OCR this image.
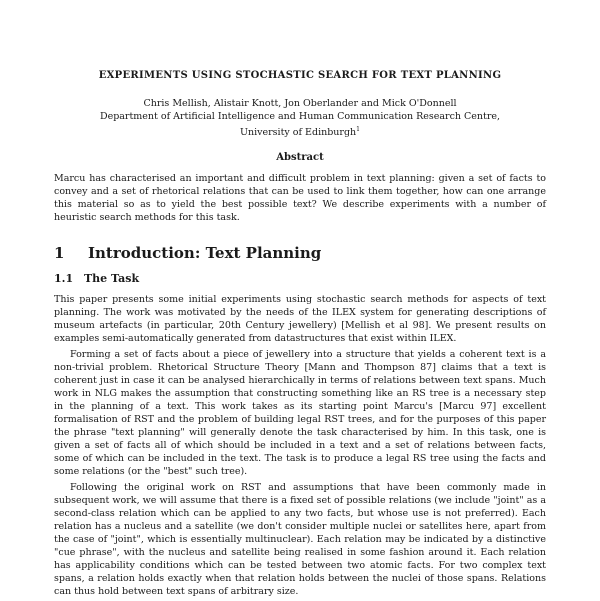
EXPERIMENTS USING STOCHASTIC SEARCH FOR TEXT PLANNING
Chris Mellish, Alistair Knott, Jon Oberlander and Mick O'Donnell
Department of Artificial Intelligence and Human Communication Research Centre,
University of Edinburgh$^1$
Abstract
Marcu has characterised an important and difficult problem in text planning: given a set of facts to convey and a set of rhetorical relations that can be used to link them together, how can one arrange this material so as to yield the best possible text? We describe experiments with a number of heuristic search methods for this task.
1 Introduction: Text Planning
1.1 The Task

This paper presents some initial experiments using stochastic search methods for aspects of text planning. The work was motivated by the needs of the ILEX system for generating descriptions of museum artefacts (in particular, 20th Century jewellery) [Mellish et al 98]. We present results on examples semi-automatically generated from datastructures that exist within ILEX.

Forming a set of facts about a piece of jewellery into a structure that yields a coherent text is a non-trivial problem. Rhetorical Structure Theory [Mann and Thompson 87] claims that a text is coherent just in case it can be analysed hierarchically in terms of relations between text spans. Much work in NLG makes the assumption that constructing something like an RS tree is a necessary step in the planning of a text. This work takes as its starting point Marcu's [Marcu 97] excellent formalisation of RST and the problem of building legal RST trees, and for the purposes of this paper the phrase "text planning" will generally denote the task characterised by him. In this task, one is given a set of facts all of which should be included in a text and a set of relations between facts, some of which can be included in the text. The task is to produce a legal RS tree using the facts and some relations (or the "best" such tree).

Following the original work on RST and assumptions that have been commonly made in subsequent work, we will assume that there is a fixed set of possible relations (we include "joint" as a second-class relation which can be applied to any two facts, but whose use is not preferred). Each relation has a nucleus and a satellite (we don't consider multiple nuclei or satellites here, apart from the case of "joint", which is essentially multinuclear). Each relation may be indicated by a distinctive "cue phrase", with the nucleus and satellite being realised in some fashion around it. Each relation has applicability conditions which can be tested between two atomic facts. For two complex text spans, a relation holds exactly when that relation holds between the nuclei of those spans. Relations can thus hold between text spans of arbitrary size.
